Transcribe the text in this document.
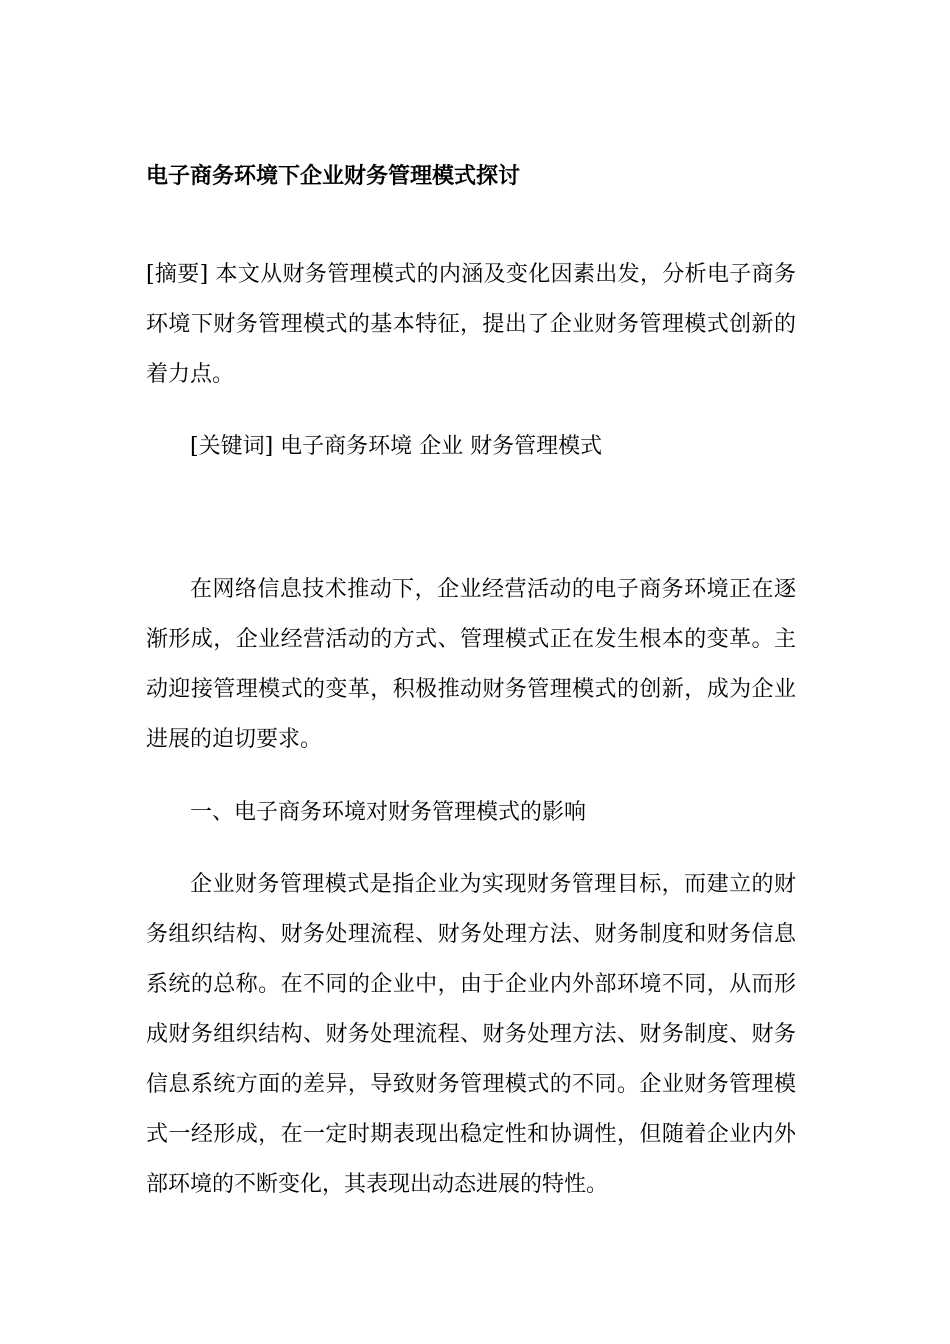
电子商务环境下企业财务管理模式探讨

[摘要] 本文从财务管理模式的内涵及变化因素出发，分析电子商务环境下财务管理模式的基本特征，提出了企业财务管理模式创新的着力点。

[关键词] 电子商务环境 企业 财务管理模式

在网络信息技术推动下，企业经营活动的电子商务环境正在逐渐形成，企业经营活动的方式、管理模式正在发生根本的变革。主动迎接管理模式的变革，积极推动财务管理模式的创新，成为企业进展的迫切要求。

一、电子商务环境对财务管理模式的影响

企业财务管理模式是指企业为实现财务管理目标，而建立的财务组织结构、财务处理流程、财务处理方法、财务制度和财务信息系统的总称。在不同的企业中，由于企业内外部环境不同，从而形成财务组织结构、财务处理流程、财务处理方法、财务制度、财务信息系统方面的差异，导致财务管理模式的不同。企业财务管理模式一经形成，在一定时期表现出稳定性和协调性，但随着企业内外部环境的不断变化，其表现出动态进展的特性。
